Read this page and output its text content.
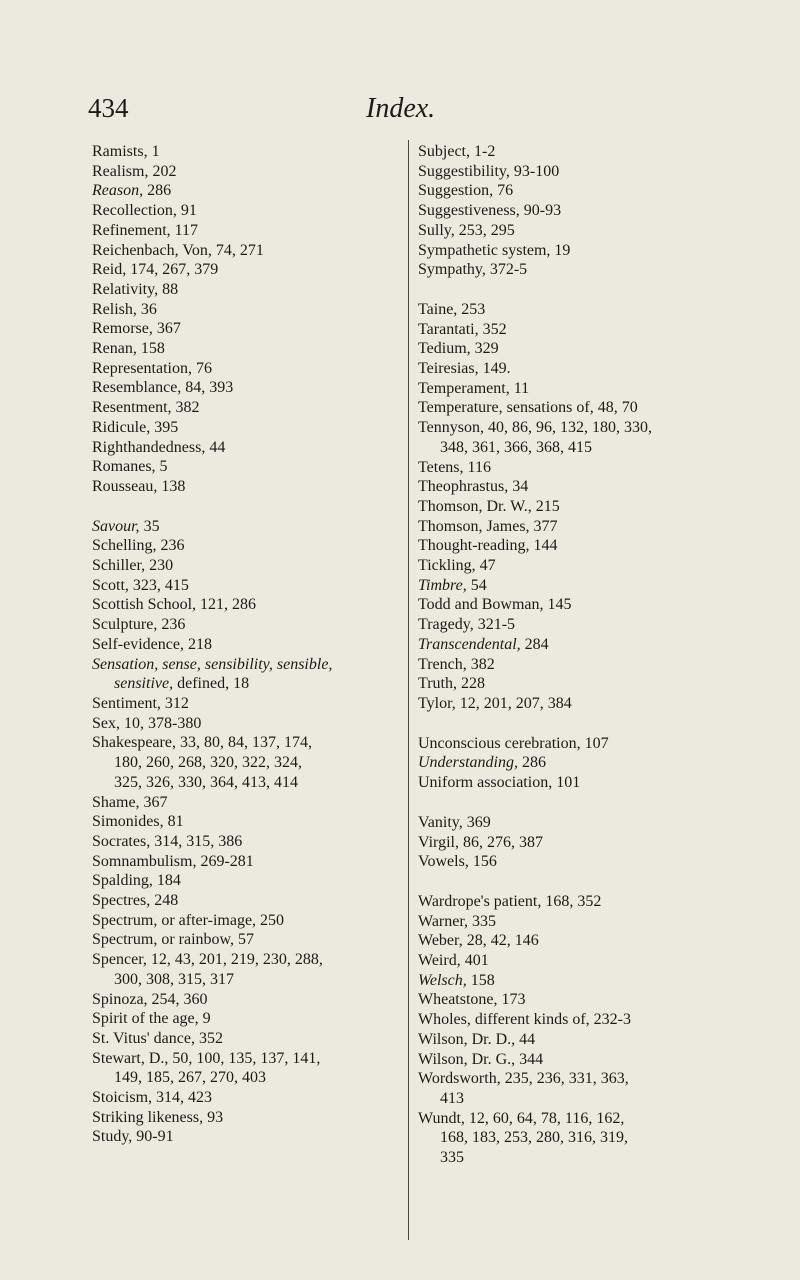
434	Index.
Ramists, 1
Realism, 202
Reason, 286
Recollection, 91
Refinement, 117
Reichenbach, Von, 74, 271
Reid, 174, 267, 379
Relativity, 88
Relish, 36
Remorse, 367
Renan, 158
Representation, 76
Resemblance, 84, 393
Resentment, 382
Ridicule, 395
Righthandedness, 44
Romanes, 5
Rousseau, 138
Savour, 35
Schelling, 236
Schiller, 230
Scott, 323, 415
Scottish School, 121, 286
Sculpture, 236
Self-evidence, 218
Sensation, sense, sensibility, sensible,
sensitive, defined, 18
Sentiment, 312
Sex, 10, 378-380
Shakespeare, 33, 80, 84, 137, 174,
180, 260, 268, 320, 322, 324,
325, 326, 330, 364, 413, 414
Shame, 367
Simonides, 81
Socrates, 314, 315, 386
Somnambulism, 269-281
Spalding, 184
Spectres, 248
Spectrum, or after-image, 250
Spectrum, or rainbow, 57
Spencer, 12, 43, 201, 219, 230, 288,
300, 308, 315, 317
Spinoza, 254, 360
Spirit of the age, 9
St. Vitus' dance, 352
Stewart, D., 50, 100, 135, 137, 141,
149, 185, 267, 270, 403
Stoicism, 314, 423
Striking likeness, 93
Study, 90-91
Subject, 1-2
Suggestibility, 93-100
Suggestion, 76
Suggestiveness, 90-93
Sully, 253, 295
Sympathetic system, 19
Sympathy, 372-5
Taine, 253
Tarantati, 352
Tedium, 329
Teiresias, 149.
Temperament, 11
Temperature, sensations of, 48, 70
Tennyson, 40, 86, 96, 132, 180, 330,
348, 361, 366, 368, 415
Tetens, 116
Theophrastus, 34
Thomson, Dr. W., 215
Thomson, James, 377
Thought-reading, 144
Tickling, 47
Timbre, 54
Todd and Bowman, 145
Tragedy, 321-5
Transcendental, 284
Trench, 382
Truth, 228
Tylor, 12, 201, 207, 384
Unconscious cerebration, 107
Understanding, 286
Uniform association, 101
Vanity, 369
Virgil, 86, 276, 387
Vowels, 156
Wardrope's patient, 168, 352
Warner, 335
Weber, 28, 42, 146
Weird, 401
Welsch, 158
Wheatstone, 173
Wholes, different kinds of, 232-3
Wilson, Dr. D., 44
Wilson, Dr. G., 344
Wordsworth, 235, 236, 331, 363,
413
Wundt, 12, 60, 64, 78, 116, 162,
168, 183, 253, 280, 316, 319,
335
